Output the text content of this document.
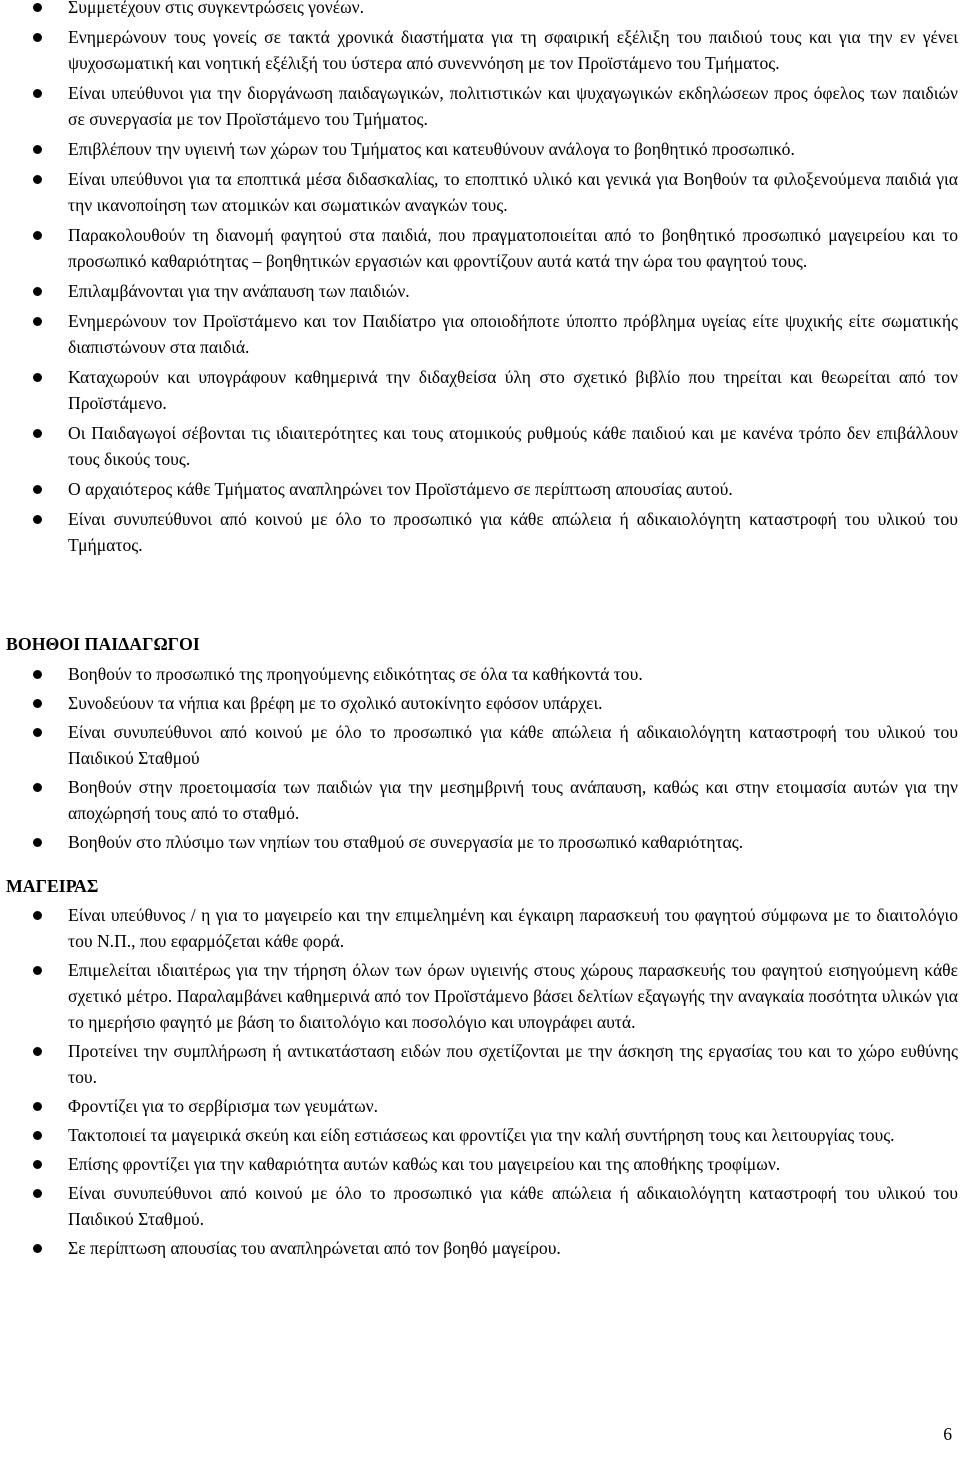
Συμμετέχουν στις συγκεντρώσεις γονέων.
Ενημερώνουν τους γονείς σε τακτά χρονικά διαστήματα για τη σφαιρική εξέλιξη του παιδιού τους και για την εν γένει ψυχοσωματική και νοητική εξέλιξή του ύστερα από συνεννόηση με τον Προϊστάμενο του Τμήματος.
Είναι υπεύθυνοι για την διοργάνωση παιδαγωγικών, πολιτιστικών και ψυχαγωγικών εκδηλώσεων προς όφελος των παιδιών σε συνεργασία με τον Προϊστάμενο του Τμήματος.
Επιβλέπουν την υγιεινή των χώρων του Τμήματος και κατευθύνουν ανάλογα το βοηθητικό προσωπικό.
Είναι υπεύθυνοι για τα εποπτικά μέσα διδασκαλίας, το εποπτικό υλικό και γενικά για Βοηθούν τα φιλοξενούμενα παιδιά για την ικανοποίηση των ατομικών και σωματικών αναγκών τους.
Παρακολουθούν τη διανομή φαγητού στα παιδιά, που πραγματοποιείται από το βοηθητικό προσωπικό μαγειρείου και το προσωπικό καθαριότητας – βοηθητικών εργασιών και φροντίζουν αυτά κατά την ώρα του φαγητού τους.
Επιλαμβάνονται για την ανάπαυση των παιδιών.
Ενημερώνουν τον Προϊστάμενο και τον Παιδίατρο για οποιοδήποτε ύποπτο πρόβλημα υγείας είτε ψυχικής είτε σωματικής διαπιστώνουν στα παιδιά.
Καταχωρούν και υπογράφουν καθημερινά την διδαχθείσα ύλη στο σχετικό βιβλίο που τηρείται και θεωρείται από τον Προϊστάμενο.
Οι Παιδαγωγοί σέβονται τις ιδιαιτερότητες και τους ατομικούς ρυθμούς κάθε παιδιού και με κανένα τρόπο δεν επιβάλλουν τους δικούς τους.
Ο αρχαιότερος κάθε Τμήματος αναπληρώνει τον Προϊστάμενο σε περίπτωση απουσίας αυτού.
Είναι συνυπεύθυνοι από κοινού με όλο το προσωπικό για κάθε απώλεια ή αδικαιολόγητη καταστροφή του υλικού του Τμήματος.
ΒΟΗΘΟΙ ΠΑΙΔΑΓΩΓΟΙ
Βοηθούν το προσωπικό της προηγούμενης ειδικότητας σε όλα τα καθήκοντά του.
Συνοδεύουν τα νήπια και βρέφη με το σχολικό αυτοκίνητο εφόσον υπάρχει.
Είναι συνυπεύθυνοι από κοινού με όλο το προσωπικό για κάθε απώλεια ή αδικαιολόγητη καταστροφή του υλικού του Παιδικού Σταθμού
Βοηθούν στην προετοιμασία των παιδιών για την μεσημβρινή τους ανάπαυση, καθώς και στην ετοιμασία αυτών για την αποχώρησή τους από το σταθμό.
Βοηθούν στο πλύσιμο των νηπίων του σταθμού σε συνεργασία με το προσωπικό καθαριότητας.
ΜΑΓΕΙΡΑΣ
Είναι υπεύθυνος / η για το μαγειρείο και την επιμελημένη και έγκαιρη παρασκευή του φαγητού σύμφωνα με το διαιτολόγιο του Ν.Π., που εφαρμόζεται κάθε φορά.
Επιμελείται ιδιαιτέρως για την τήρηση όλων των όρων υγιεινής στους χώρους παρασκευής του φαγητού εισηγούμενη κάθε σχετικό μέτρο. Παραλαμβάνει καθημερινά από τον Προϊστάμενο βάσει δελτίων εξαγωγής την αναγκαία ποσότητα υλικών για το ημερήσιο φαγητό με βάση το διαιτολόγιο και ποσολόγιο και υπογράφει αυτά.
Προτείνει την συμπλήρωση ή αντικατάσταση ειδών που σχετίζονται με την άσκηση της εργασίας του και το χώρο ευθύνης του.
Φροντίζει για το σερβίρισμα των γευμάτων.
Τακτοποιεί τα μαγειρικά σκεύη και είδη εστιάσεως και φροντίζει για την καλή συντήρηση τους και λειτουργίας τους.
Επίσης φροντίζει για την καθαριότητα αυτών καθώς και του μαγειρείου και της αποθήκης τροφίμων.
Είναι συνυπεύθυνοι από κοινού με όλο το προσωπικό για κάθε απώλεια ή αδικαιολόγητη καταστροφή του υλικού του Παιδικού Σταθμού.
Σε περίπτωση απουσίας του αναπληρώνεται από τον βοηθό μαγείρου.
6
